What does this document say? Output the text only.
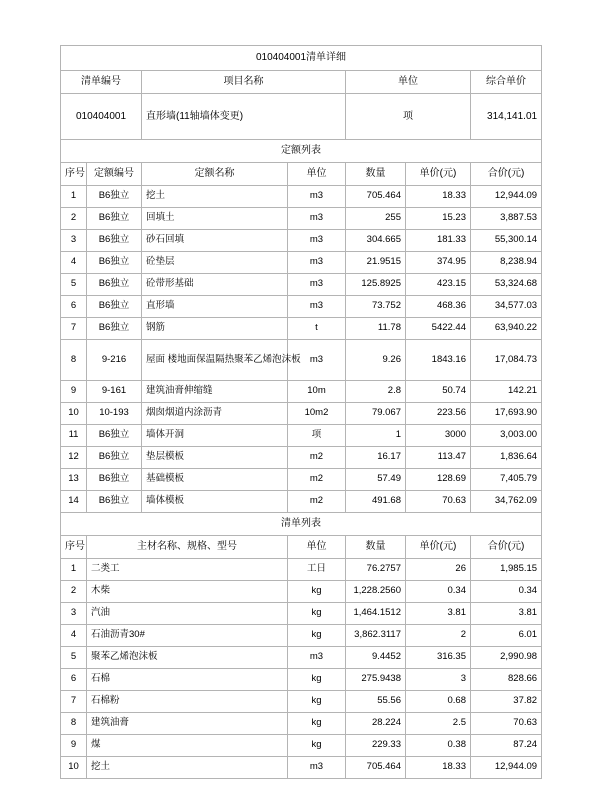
010404001清单详细						
清单编号		项目名称		单位		综合单价
010404001		直形墙(11轴墙体变更)		项		314,141.01
定额列表						
序号	定额编号	定额名称	单位	数量	单价(元)	合价(元)
1	B6独立	挖土	m3	705.464	18.33	12,944.09
2	B6独立	回填土	m3	255	15.23	3,887.53
3	B6独立	砂石回填	m3	304.665	181.33	55,300.14
4	B6独立	砼垫层	m3	21.9515	374.95	8,238.94
5	B6独立	砼带形基础	m3	125.8925	423.15	53,324.68
6	B6独立	直形墙	m3	73.752	468.36	34,577.03
7	B6独立	钢筋	t	11.78	5422.44	63,940.22
8	9-216	屋面 楼地面保温隔热聚苯乙烯泡沫板	m3	9.26	1843.16	17,084.73
9	9-161	建筑油膏伸缩缝	10m	2.8	50.74	142.21
10	10-193	烟囱烟道内涂沥青	10m2	79.067	223.56	17,693.90
11	B6独立	墙体开洞	项	1	3000	3,003.00
12	B6独立	垫层模板	m2	16.17	113.47	1,836.64
13	B6独立	基础模板	m2	57.49	128.69	7,405.79
14	B6独立	墙体模板	m2	491.68	70.63	34,762.09
清单列表						
序号	主材名称、规格、型号		单位	数量	单价(元)	合价(元)
1	二类工		工日	76.2757	26	1,985.15
2	木柴		kg	1,228.2560	0.34	0.34
3	汽油		kg	1,464.1512	3.81	3.81
4	石油沥青30#		kg	3,862.3117	2	6.01
5	聚苯乙烯泡沫板		m3	9.4452	316.35	2,990.98
6	石棉		kg	275.9438	3	828.66
7	石棉粉		kg	55.56	0.68	37.82
8	建筑油膏		kg	28.224	2.5	70.63
9	煤		kg	229.33	0.38	87.24
10	挖土		m3	705.464	18.33	12,944.09
